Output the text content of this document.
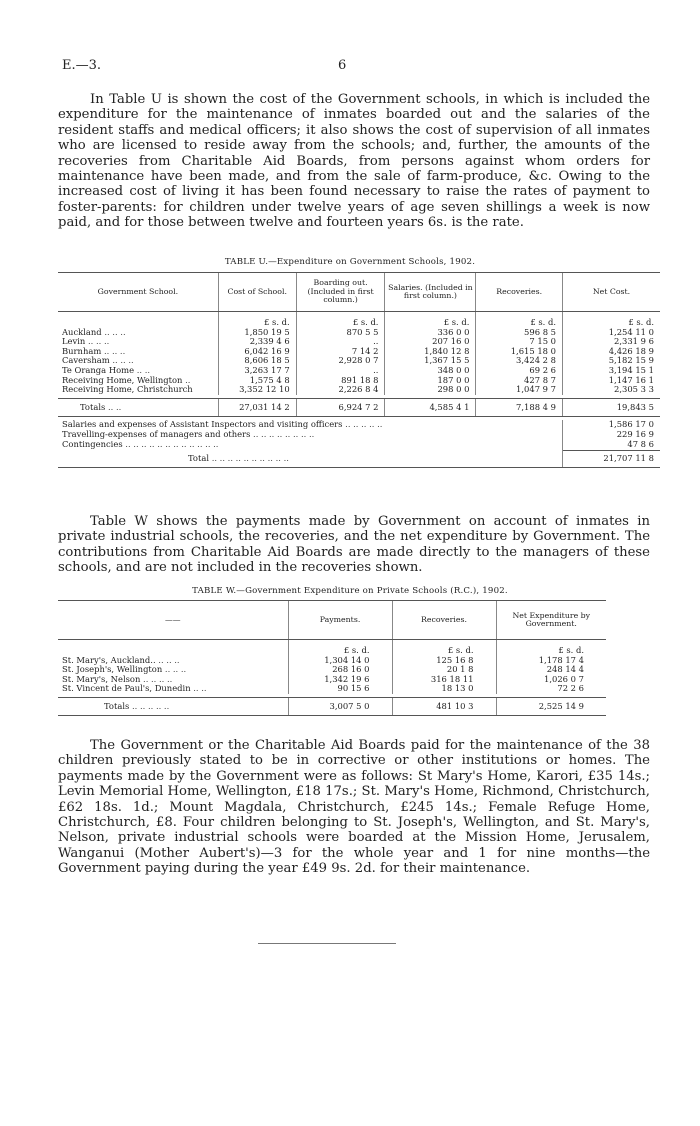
E.—3.	6

In Table U is shown the cost of the Government schools, in which is included the expenditure for the maintenance of inmates boarded out and the salaries of the resident staffs and medical officers; it also shows the cost of supervision of all inmates who are licensed to reside away from the schools; and, further, the amounts of the recoveries from Charitable Aid Boards, from persons against whom orders for maintenance have been made, and from the sale of farm-produce, &c. Owing to the increased cost of living it has been found necessary to raise the rates of payment to foster-parents: for children under twelve years of age seven shillings a week is now paid, and for those between twelve and fourteen years 6s. is the rate.

TABLE U.—Expenditure on Government Schools, 1902.
Government School.	Cost of School.	Boarding out. (Included in first column.)	Salaries. (Included in first column.)	Recoveries.	Net Cost.
	£ s. d.	£ s. d.	£ s. d.	£ s. d.	£ s. d.
Auckland .. .. ..	1,850 19 5	870 5 5	336 0 0	596 8 5	1,254 11 0
Levin .. .. ..	2,339 4 6	..	207 16 0	7 15 0	2,331 9 6
Burnham .. .. ..	6,042 16 9	7 14 2	1,840 12 8	1,615 18 0	4,426 18 9
Caversham .. .. ..	8,606 18 5	2,928 0 7	1,367 15 5	3,424 2 8	5,182 15 9
Te Oranga Home .. ..	3,263 17 7	..	348 0 0	69 2 6	3,194 15 1
Receiving Home, Wellington ..	1,575 4 8	891 18 8	187 0 0	427 8 7	1,147 16 1
Receiving Home, Christchurch	3,352 12 10	2,226 8 4	298 0 0	1,047 9 7	2,305 3 3

Totals .. ..	27,031 14 2	6,924 7 2	4,585 4 1	7,188 4 9	19,843 5

Salaries and expenses of Assistant Inspectors and visiting officers .. .. .. .. ..					1,586 17 0
Travelling-expenses of managers and others .. .. .. .. .. .. .. ..					229 16 9
Contingencies .. .. .. .. .. .. .. .. .. .. .. ..					47 8 6
Total .. .. .. .. .. .. .. .. .. ..					21,707 11 8

Table W shows the payments made by Government on account of inmates in private industrial schools, the recoveries, and the net expenditure by Government. The contributions from Charitable Aid Boards are made directly to the managers of these schools, and are not included in the recoveries shown.

TABLE W.—Government Expenditure on Private Schools (R.C.), 1902.
——	Payments.	Recoveries.	Net Expenditure by Government.
	£ s. d.	£ s. d.	£ s. d.
St. Mary's, Auckland.. .. .. ..	1,304 14 0	125 16 8	1,178 17 4
St. Joseph's, Wellington .. .. ..	268 16 0	20 1 8	248 14 4
St. Mary's, Nelson .. .. .. ..	1,342 19 6	316 18 11	1,026 0 7
St. Vincent de Paul's, Dunedin .. ..	90 15 6	18 13 0	72 2 6

Totals .. .. .. .. ..	3,007 5 0	481 10 3	2,525 14 9

The Government or the Charitable Aid Boards paid for the maintenance of the 38 children previously stated to be in corrective or other institutions or homes. The payments made by the Government were as follows: St Mary's Home, Karori, £35 14s.; Levin Memorial Home, Wellington, £18 17s.; St. Mary's Home, Richmond, Christchurch, £62 18s. 1d.; Mount Magdala, Christchurch, £245 14s.; Female Refuge Home, Christchurch, £8. Four children belonging to St. Joseph's, Wellington, and St. Mary's, Nelson, private industrial schools were boarded at the Mission Home, Jerusalem, Wanganui (Mother Aubert's)—3 for the whole year and 1 for nine months—the Government paying during the year £49 9s. 2d. for their maintenance.
